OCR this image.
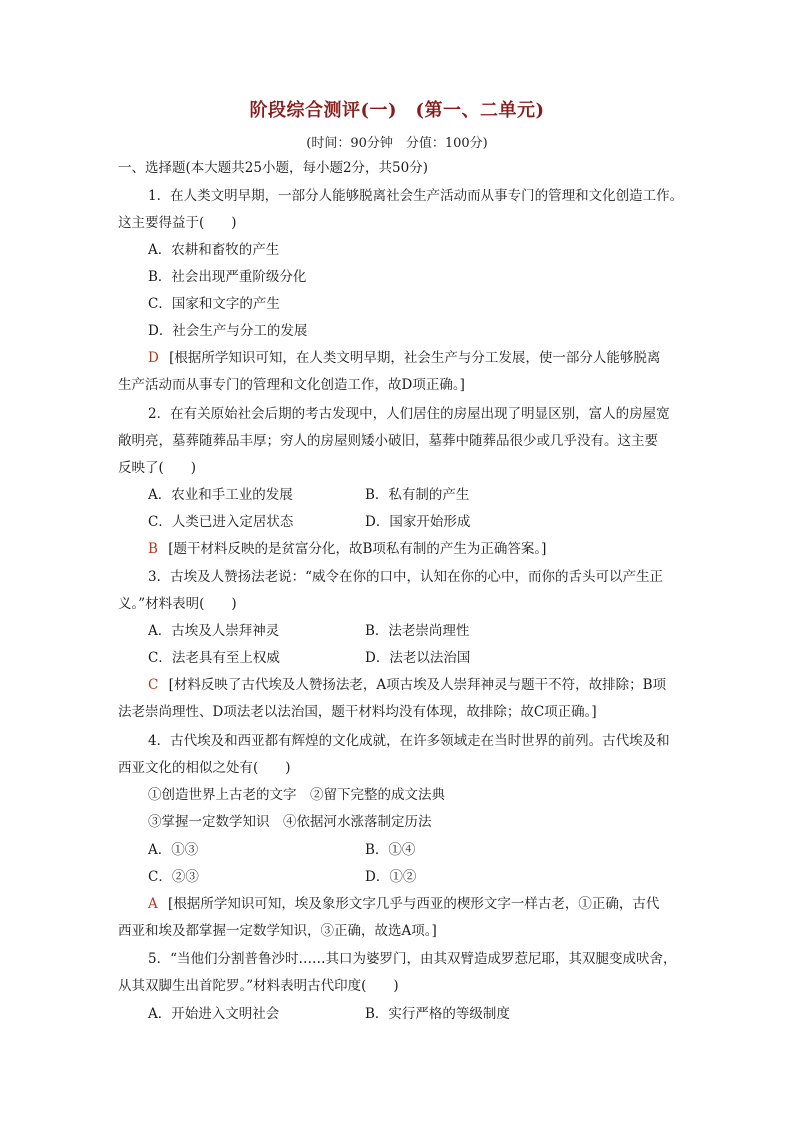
阶段综合测评(一)　(第一、二单元)
(时间：90分钟　分值：100分)
一、选择题(本大题共25小题，每小题2分，共50分)
1．在人类文明早期，一部分人能够脱离社会生产活动而从事专门的管理和文化创造工作。
这主要得益于(　　)
A．农耕和畜牧的产生
B．社会出现严重阶级分化
C．国家和文字的产生
D．社会生产与分工的发展
D [根据所学知识可知，在人类文明早期，社会生产与分工发展，使一部分人能够脱离
生产活动而从事专门的管理和文化创造工作，故D项正确。]
2．在有关原始社会后期的考古发现中，人们居住的房屋出现了明显区别，富人的房屋宽
敞明亮，墓葬随葬品丰厚；穷人的房屋则矮小破旧，墓葬中随葬品很少或几乎没有。这主要
反映了(　　)
A．农业和手工业的发展	B．私有制的产生
C．人类已进入定居状态	D．国家开始形成
B [题干材料反映的是贫富分化，故B项私有制的产生为正确答案。]
3．古埃及人赞扬法老说：“威令在你的口中，认知在你的心中，而你的舌头可以产生正
义。”材料表明(　　)
A．古埃及人崇拜神灵	B．法老崇尚理性
C．法老具有至上权威	D．法老以法治国
C [材料反映了古代埃及人赞扬法老，A项古埃及人崇拜神灵与题干不符，故排除；B项
法老崇尚理性、D项法老以法治国，题干材料均没有体现，故排除；故C项正确。]
4．古代埃及和西亚都有辉煌的文化成就，在许多领域走在当时世界的前列。古代埃及和
西亚文化的相似之处有(　　)
①创造世界上古老的文字　②留下完整的成文法典
③掌握一定数学知识　④依据河水涨落制定历法
A．①③	B．①④
C．②③	D．①②
A [根据所学知识可知，埃及象形文字几乎与西亚的楔形文字一样古老，①正确，古代
西亚和埃及都掌握一定数学知识，③正确，故选A项。]
5．“当他们分割普鲁沙时……其口为婆罗门，由其双臂造成罗惹尼耶，其双腿变成吠舍，
从其双脚生出首陀罗。”材料表明古代印度(　　)
A．开始进入文明社会	B．实行严格的等级制度
